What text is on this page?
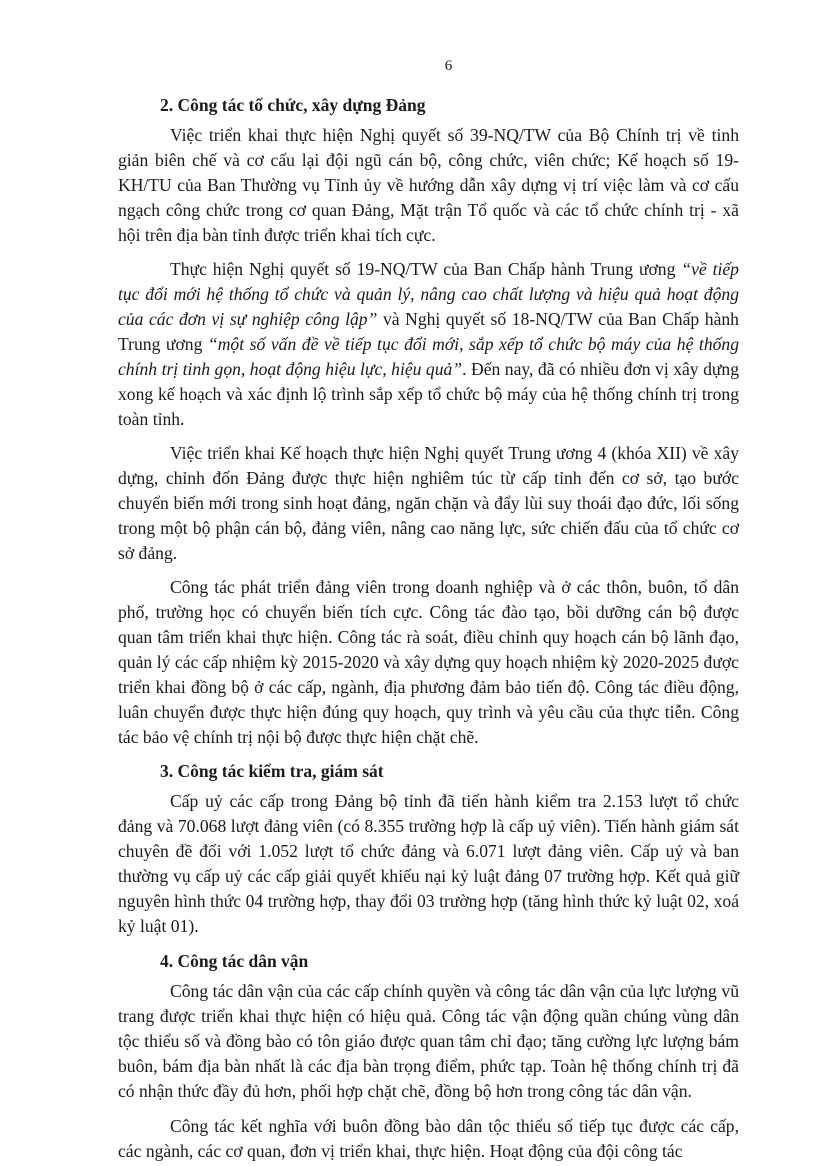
6
2. Công tác tổ chức, xây dựng Đảng

Việc triển khai thực hiện Nghị quyết số 39-NQ/TW của Bộ Chính trị về tinh giản biên chế và cơ cấu lại đội ngũ cán bộ, công chức, viên chức; Kế hoạch số 19-KH/TU của Ban Thường vụ Tỉnh ủy về hướng dẫn xây dựng vị trí việc làm và cơ cấu ngạch công chức trong cơ quan Đảng, Mặt trận Tổ quốc và các tổ chức chính trị - xã hội trên địa bàn tỉnh được triển khai tích cực.

Thực hiện Nghị quyết số 19-NQ/TW của Ban Chấp hành Trung ương “về tiếp tục đổi mới hệ thống tổ chức và quản lý, nâng cao chất lượng và hiệu quả hoạt động của các đơn vị sự nghiệp công lập” và Nghị quyết số 18-NQ/TW của Ban Chấp hành Trung ương “một số vấn đề về tiếp tục đổi mới, sắp xếp tổ chức bộ máy của hệ thống chính trị tinh gọn, hoạt động hiệu lực, hiệu quả”. Đến nay, đã có nhiều đơn vị xây dựng xong kế hoạch và xác định lộ trình sắp xếp tổ chức bộ máy của hệ thống chính trị trong toàn tỉnh.

Việc triển khai Kế hoạch thực hiện Nghị quyết Trung ương 4 (khóa XII) về xây dựng, chỉnh đốn Đảng được thực hiện nghiêm túc từ cấp tỉnh đến cơ sở, tạo bước chuyển biến mới trong sinh hoạt đảng, ngăn chặn và đẩy lùi suy thoái đạo đức, lối sống trong một bộ phận cán bộ, đảng viên, nâng cao năng lực, sức chiến đấu của tổ chức cơ sở đảng.

Công tác phát triển đảng viên trong doanh nghiệp và ở các thôn, buôn, tổ dân phố, trường học có chuyển biến tích cực. Công tác đào tạo, bồi dưỡng cán bộ được quan tâm triển khai thực hiện. Công tác rà soát, điều chỉnh quy hoạch cán bộ lãnh đạo, quản lý các cấp nhiệm kỳ 2015-2020 và xây dựng quy hoạch nhiệm kỳ 2020-2025 được triển khai đồng bộ ở các cấp, ngành, địa phương đảm bảo tiến độ. Công tác điều động, luân chuyển được thực hiện đúng quy hoạch, quy trình và yêu cầu của thực tiễn. Công tác bảo vệ chính trị nội bộ được thực hiện chặt chẽ.

3. Công tác kiểm tra, giám sát

Cấp uỷ các cấp trong Đảng bộ tỉnh đã tiến hành kiểm tra 2.153 lượt tổ chức đảng và 70.068 lượt đảng viên (có 8.355 trường hợp là cấp uỷ viên). Tiến hành giám sát chuyên đề đối với 1.052 lượt tổ chức đảng và 6.071 lượt đảng viên. Cấp uỷ và ban thường vụ cấp uỷ các cấp giải quyết khiếu nại kỷ luật đảng 07 trường hợp. Kết quả giữ nguyên hình thức 04 trường hợp, thay đổi 03 trường hợp (tăng hình thức kỷ luật 02, xoá kỷ luật 01).

4. Công tác dân vận

Công tác dân vận của các cấp chính quyền và công tác dân vận của lực lượng vũ trang được triển khai thực hiện có hiệu quả. Công tác vận động quần chúng vùng dân tộc thiểu số và đồng bào có tôn giáo được quan tâm chỉ đạo; tăng cường lực lượng bám buôn, bám địa bàn nhất là các địa bàn trọng điểm, phức tạp. Toàn hệ thống chính trị đã có nhận thức đầy đủ hơn, phối hợp chặt chẽ, đồng bộ hơn trong công tác dân vận.

Công tác kết nghĩa với buôn đồng bào dân tộc thiểu số tiếp tục được các cấp, các ngành, các cơ quan, đơn vị triển khai, thực hiện. Hoạt động của đội công tác
